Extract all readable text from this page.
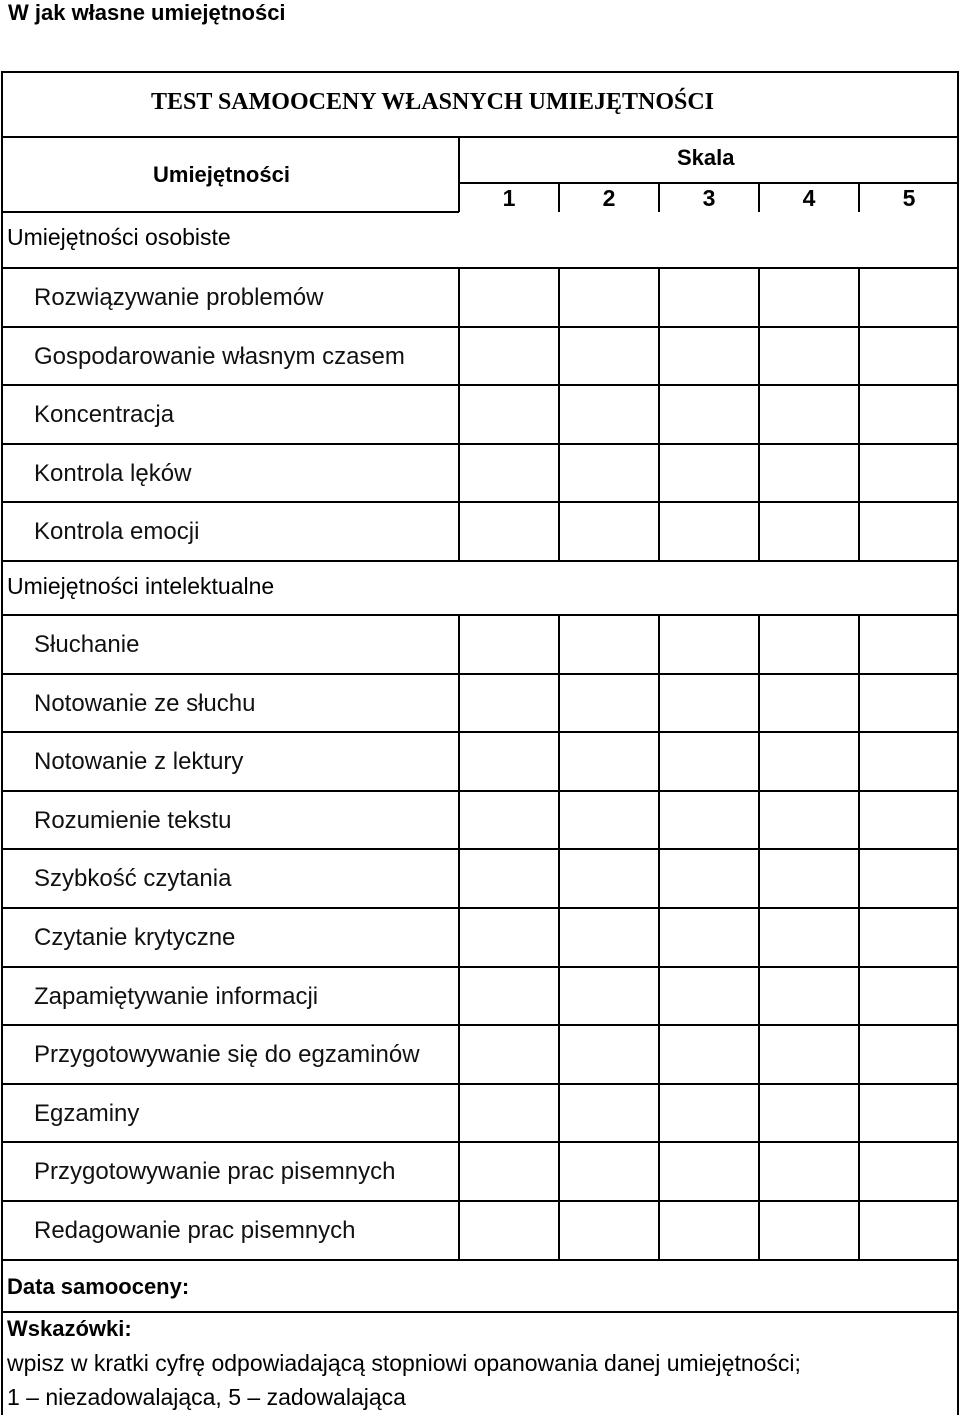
W jak własne umiejętności
TEST SAMOOCENY WŁASNYCH UMIEJĘTNOŚCI
Umiejętności
Skala
1	2	3	4	5
Umiejętności osobiste
Rozwiązywanie problemów
Gospodarowanie własnym czasem
Koncentracja
Kontrola lęków
Kontrola emocji
Umiejętności intelektualne
Słuchanie
Notowanie ze słuchu
Notowanie z lektury
Rozumienie tekstu
Szybkość czytania
Czytanie krytyczne
Zapamiętywanie informacji
Przygotowywanie się do egzaminów
Egzaminy
Przygotowywanie prac pisemnych
Redagowanie prac pisemnych
Data samooceny:
Wskazówki:
wpisz w kratki cyfrę odpowiadającą stopniowi opanowania danej umiejętności;
1 – niezadowalająca, 5 – zadowalająca
